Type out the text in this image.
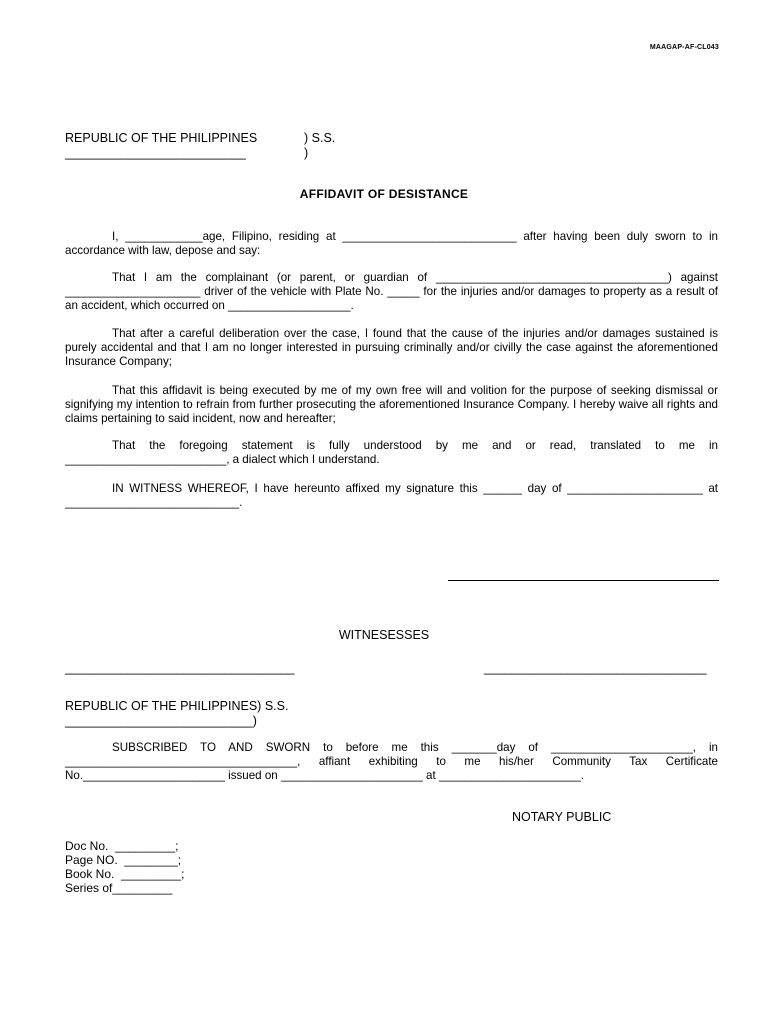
MAAGAP-AF-CL043
REPUBLIC OF THE PHILIPPINES	) S.S.
__________________________	)
AFFIDAVIT OF DESISTANCE

I, ____________age, Filipino, residing at ___________________________ after having been duly sworn to in accordance with law, depose and say:

That I am the complainant (or parent, or guardian of ____________________________________) against _____________________ driver of the vehicle with Plate No. _____ for the injuries and/or damages to property as a result of an accident, which occurred on ___________________.

That after a careful deliberation over the case, I found that the cause of the injuries and/or damages sustained is purely accidental and that I am no longer interested in pursuing criminally and/or civilly the case against the aforementioned Insurance Company;

That this affidavit is being executed by me of my own free will and volition for the purpose of seeking dismissal or signifying my intention to refrain from further prosecuting the aforementioned Insurance Company. I hereby waive all rights and claims pertaining to said incident, now and hereafter;

That the foregoing statement is fully understood by me and or read, translated to me in _________________________, a dialect which I understand.

IN WITNESS WHEREOF, I have hereunto affixed my signature this ______ day of _____________________ at ___________________________.

WITNESESSES
_________________________________	________________________________
REPUBLIC OF THE PHILIPPINES) S.S.
___________________________)

SUBSCRIBED TO AND SWORN to before me this _______day of ______________________, in ____________________________________, affiant exhibiting to me his/her Community Tax Certificate No.______________________ issued on ______________________ at ______________________.

NOTARY PUBLIC
Doc No.  _________;
Page NO.  ________;
Book No.  _________;
Series of_________
